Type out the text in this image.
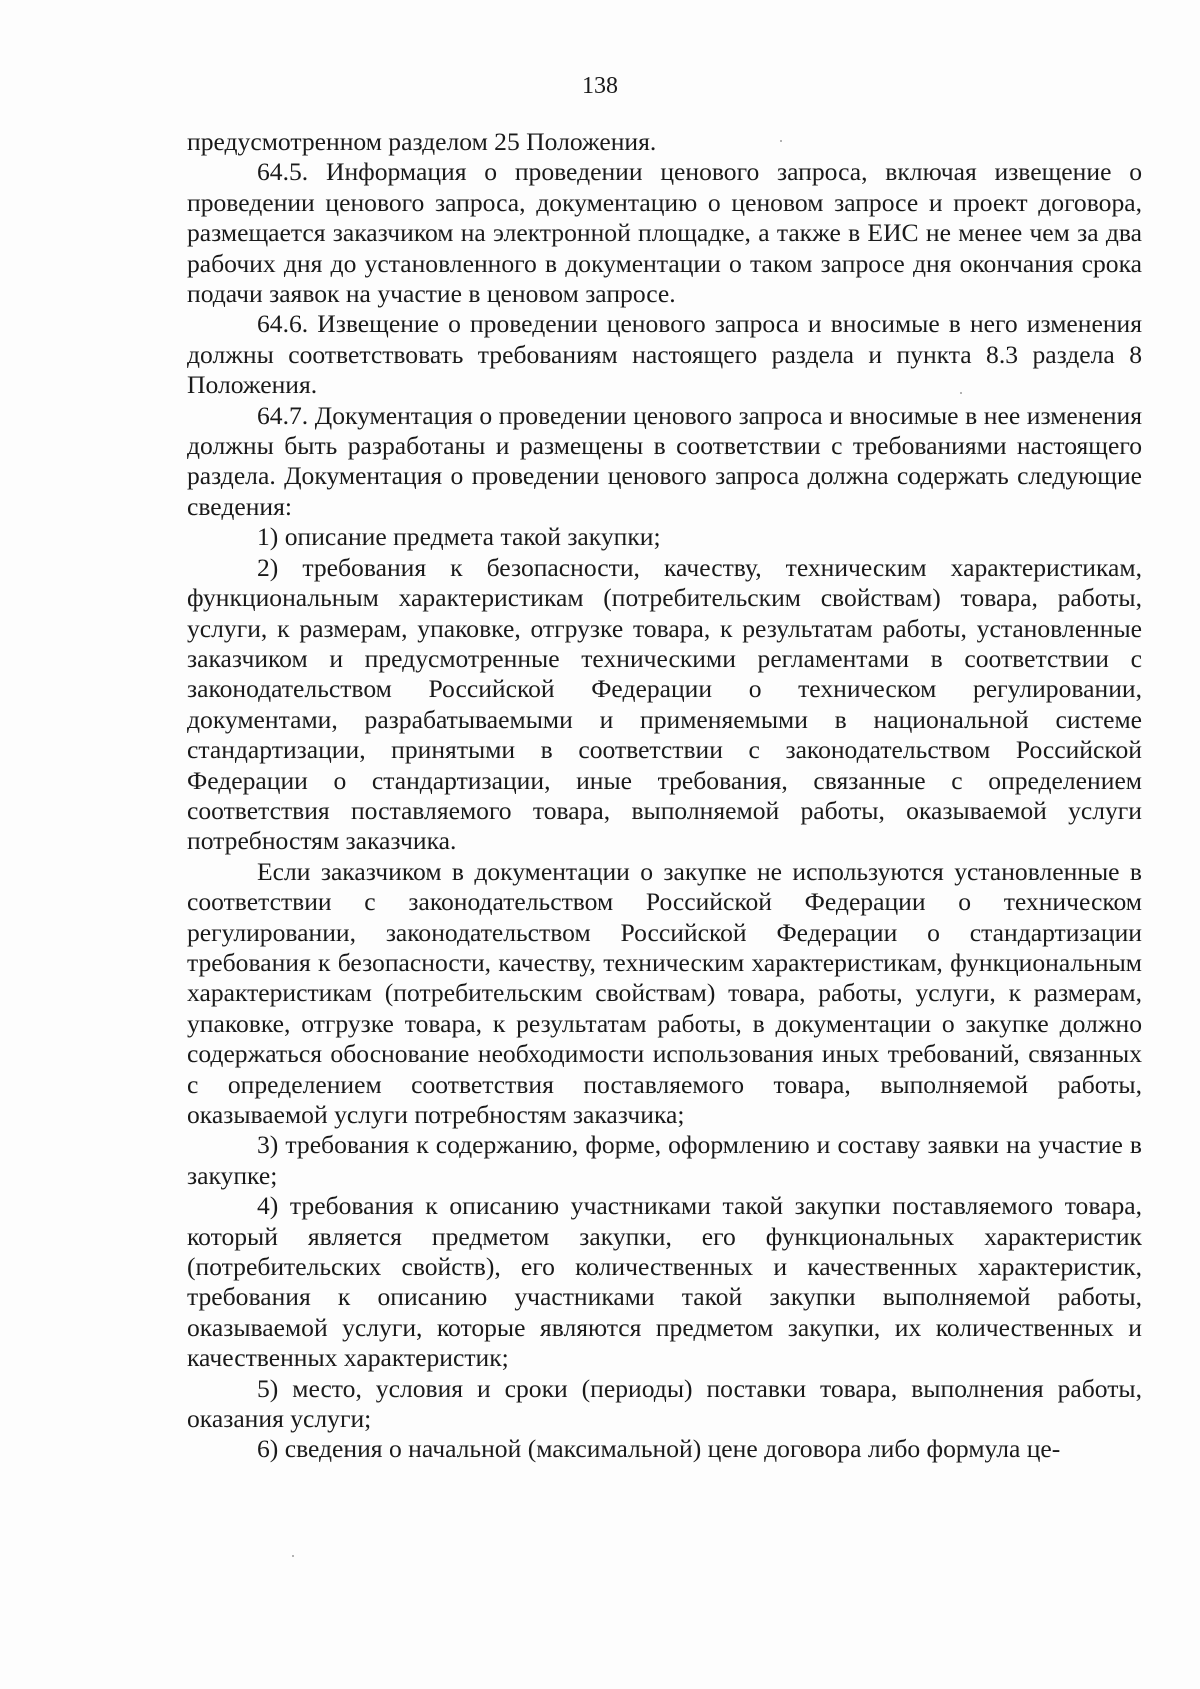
138

предусмотренном разделом 25 Положения.

64.5. Информация о проведении ценового запроса, включая извещение о проведении ценового запроса, документацию о ценовом запросе и проект договора, размещается заказчиком на электронной площадке, а также в ЕИС не менее чем за два рабочих дня до установленного в документации о таком запросе дня окончания срока подачи заявок на участие в ценовом запросе.

64.6. Извещение о проведении ценового запроса и вносимые в него изменения должны соответствовать требованиям настоящего раздела и пункта 8.3 раздела 8 Положения.

64.7. Документация о проведении ценового запроса и вносимые в нее изменения должны быть разработаны и размещены в соответствии с требованиями настоящего раздела. Документация о проведении ценового запроса должна содержать следующие сведения:

1) описание предмета такой закупки;

2) требования к безопасности, качеству, техническим характеристикам, функциональным характеристикам (потребительским свойствам) товара, работы, услуги, к размерам, упаковке, отгрузке товара, к результатам работы, установленные заказчиком и предусмотренные техническими регламентами в соответствии с законодательством Российской Федерации о техническом регулировании, документами, разрабатываемыми и применяемыми в национальной системе стандартизации, принятыми в соответствии с законодательством Российской Федерации о стандартизации, иные требования, связанные с определением соответствия поставляемого товара, выполняемой работы, оказываемой услуги потребностям заказчика.

Если заказчиком в документации о закупке не используются установленные в соответствии с законодательством Российской Федерации о техническом регулировании, законодательством Российской Федерации о стандартизации требования к безопасности, качеству, техническим характеристикам, функциональным характеристикам (потребительским свойствам) товара, работы, услуги, к размерам, упаковке, отгрузке товара, к результатам работы, в документации о закупке должно содержаться обоснование необходимости использования иных требований, связанных с определением соответствия поставляемого товара, выполняемой работы, оказываемой услуги потребностям заказчика;

3) требования к содержанию, форме, оформлению и составу заявки на участие в закупке;

4) требования к описанию участниками такой закупки поставляемого товара, который является предметом закупки, его функциональных характеристик (потребительских свойств), его количественных и качественных характеристик, требования к описанию участниками такой закупки выполняемой работы, оказываемой услуги, которые являются предметом закупки, их количественных и качественных характеристик;

5) место, условия и сроки (периоды) поставки товара, выполнения работы, оказания услуги;

6) сведения о начальной (максимальной) цене договора либо формула це-
